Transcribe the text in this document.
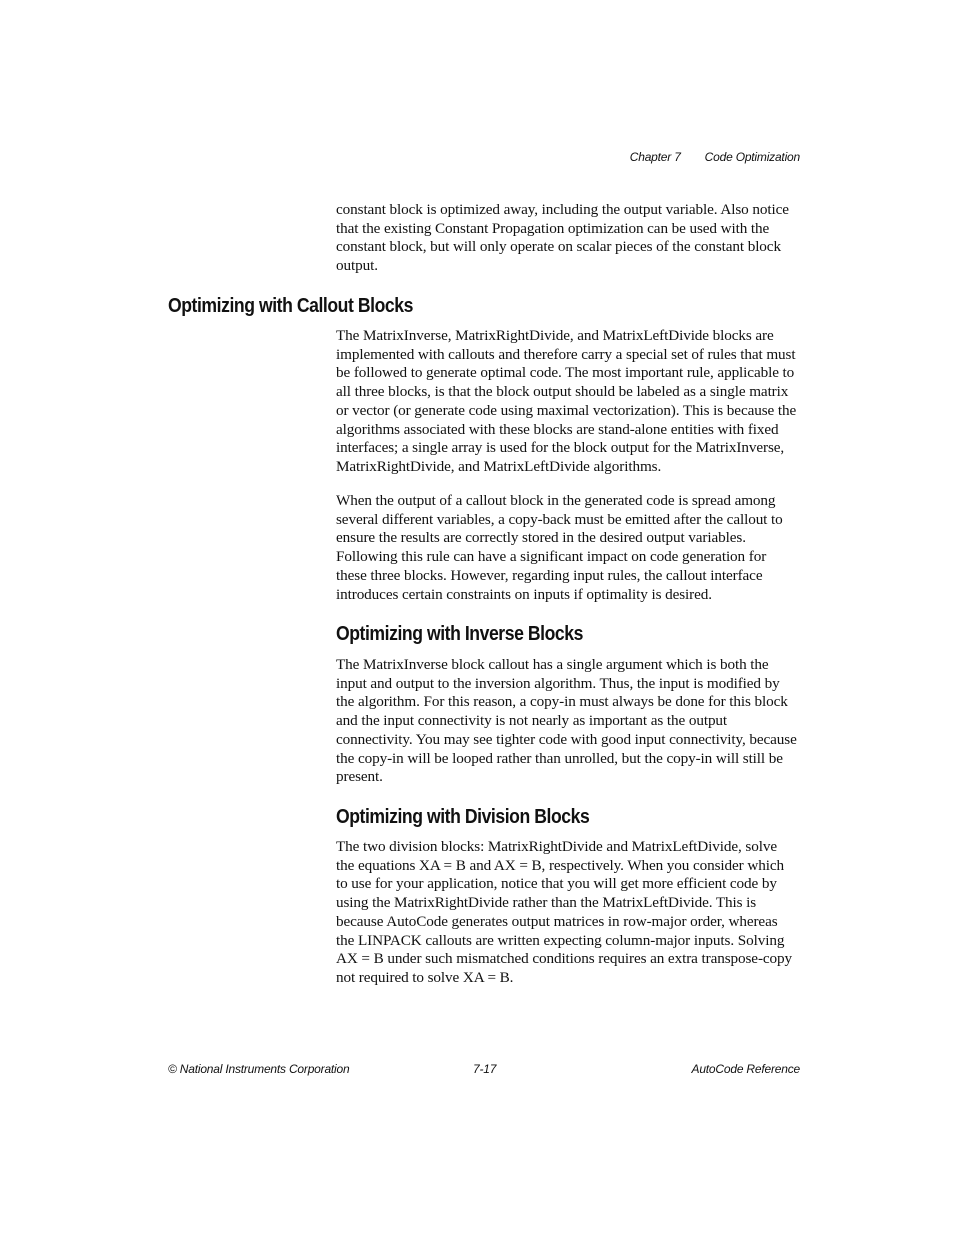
Chapter 7 Code Optimization

constant block is optimized away, including the output variable. Also notice that the existing Constant Propagation optimization can be used with the constant block, but will only operate on scalar pieces of the constant block output.

Optimizing with Callout Blocks

The MatrixInverse, MatrixRightDivide, and MatrixLeftDivide blocks are implemented with callouts and therefore carry a special set of rules that must be followed to generate optimal code. The most important rule, applicable to all three blocks, is that the block output should be labeled as a single matrix or vector (or generate code using maximal vectorization). This is because the algorithms associated with these blocks are stand-alone entities with fixed interfaces; a single array is used for the block output for the MatrixInverse, MatrixRightDivide, and MatrixLeftDivide algorithms.

When the output of a callout block in the generated code is spread among several different variables, a copy-back must be emitted after the callout to ensure the results are correctly stored in the desired output variables. Following this rule can have a significant impact on code generation for these three blocks. However, regarding input rules, the callout interface introduces certain constraints on inputs if optimality is desired.

Optimizing with Inverse Blocks

The MatrixInverse block callout has a single argument which is both the input and output to the inversion algorithm. Thus, the input is modified by the algorithm. For this reason, a copy-in must always be done for this block and the input connectivity is not nearly as important as the output connectivity. You may see tighter code with good input connectivity, because the copy-in will be looped rather than unrolled, but the copy-in will still be present.

Optimizing with Division Blocks

The two division blocks: MatrixRightDivide and MatrixLeftDivide, solve the equations XA = B and AX = B, respectively. When you consider which to use for your application, notice that you will get more efficient code by using the MatrixRightDivide rather than the MatrixLeftDivide. This is because AutoCode generates output matrices in row-major order, whereas the LINPACK callouts are written expecting column-major inputs. Solving AX = B under such mismatched conditions requires an extra transpose-copy not required to solve XA = B.

© National Instruments Corporation	7-17	AutoCode Reference
